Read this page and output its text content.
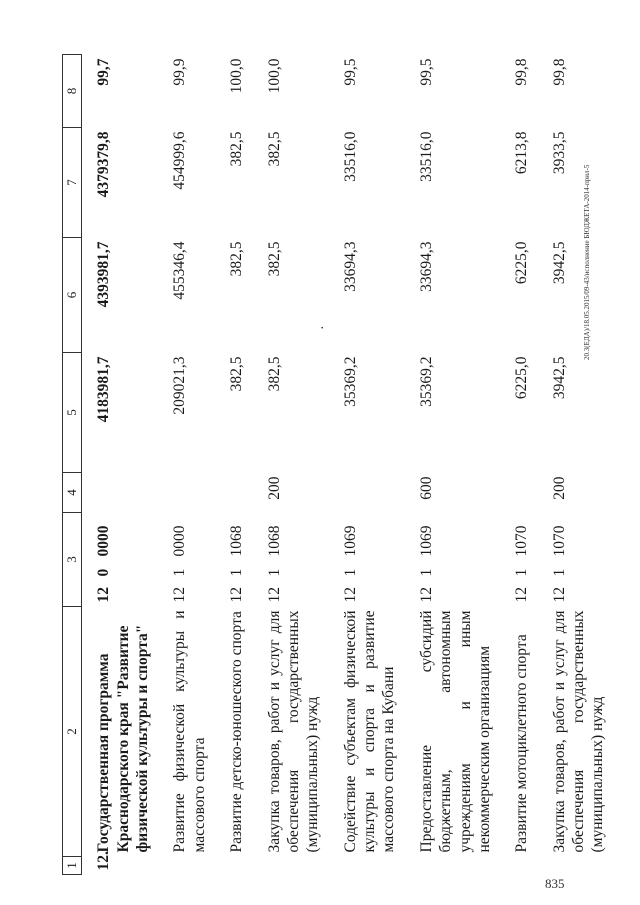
1	2	3			4	5	6	7	8
12.	Государственная программа Краснодарского края "Развитие физической культуры и спорта"	12	0	0000		4183981,7	4393981,7	4379379,8	99,7
	Развитие физической культуры и массового спорта	12	1	0000		209021,3	455346,4	454999,6	99,9
	Развитие детско-юношеского спорта	12	1	1068		382,5	382,5	382,5	100,0
	Закупка товаров, работ и услуг для обеспечения государственных (муниципальных) нужд	12	1	1068	200	382,5	382,5	382,5	100,0
	Содействие субъектам физической культуры и спорта и развитие массового спорта на Кубани	12	1	1069		35369,2	33694,3	33516,0	99,5
	Предоставление субсидий бюджетным, автономным учреждениям и иным некоммерческим организациям	12	1	1069	600	35369,2	33694,3	33516,0	99,5
	Развитие мотоциклетного спорта	12	1	1070		6225,0	6225,0	6213,8	99,8
	Закупка товаров, работ и услуг для обеспечения государственных (муниципальных) нужд	12	1	1070	200	3942,5	3942,5	3933,5	99,8
·	20.3(ЕДА)/18.05.2015/09-43/исполнение БЮДЖЕТА-2014-прил-5
835
